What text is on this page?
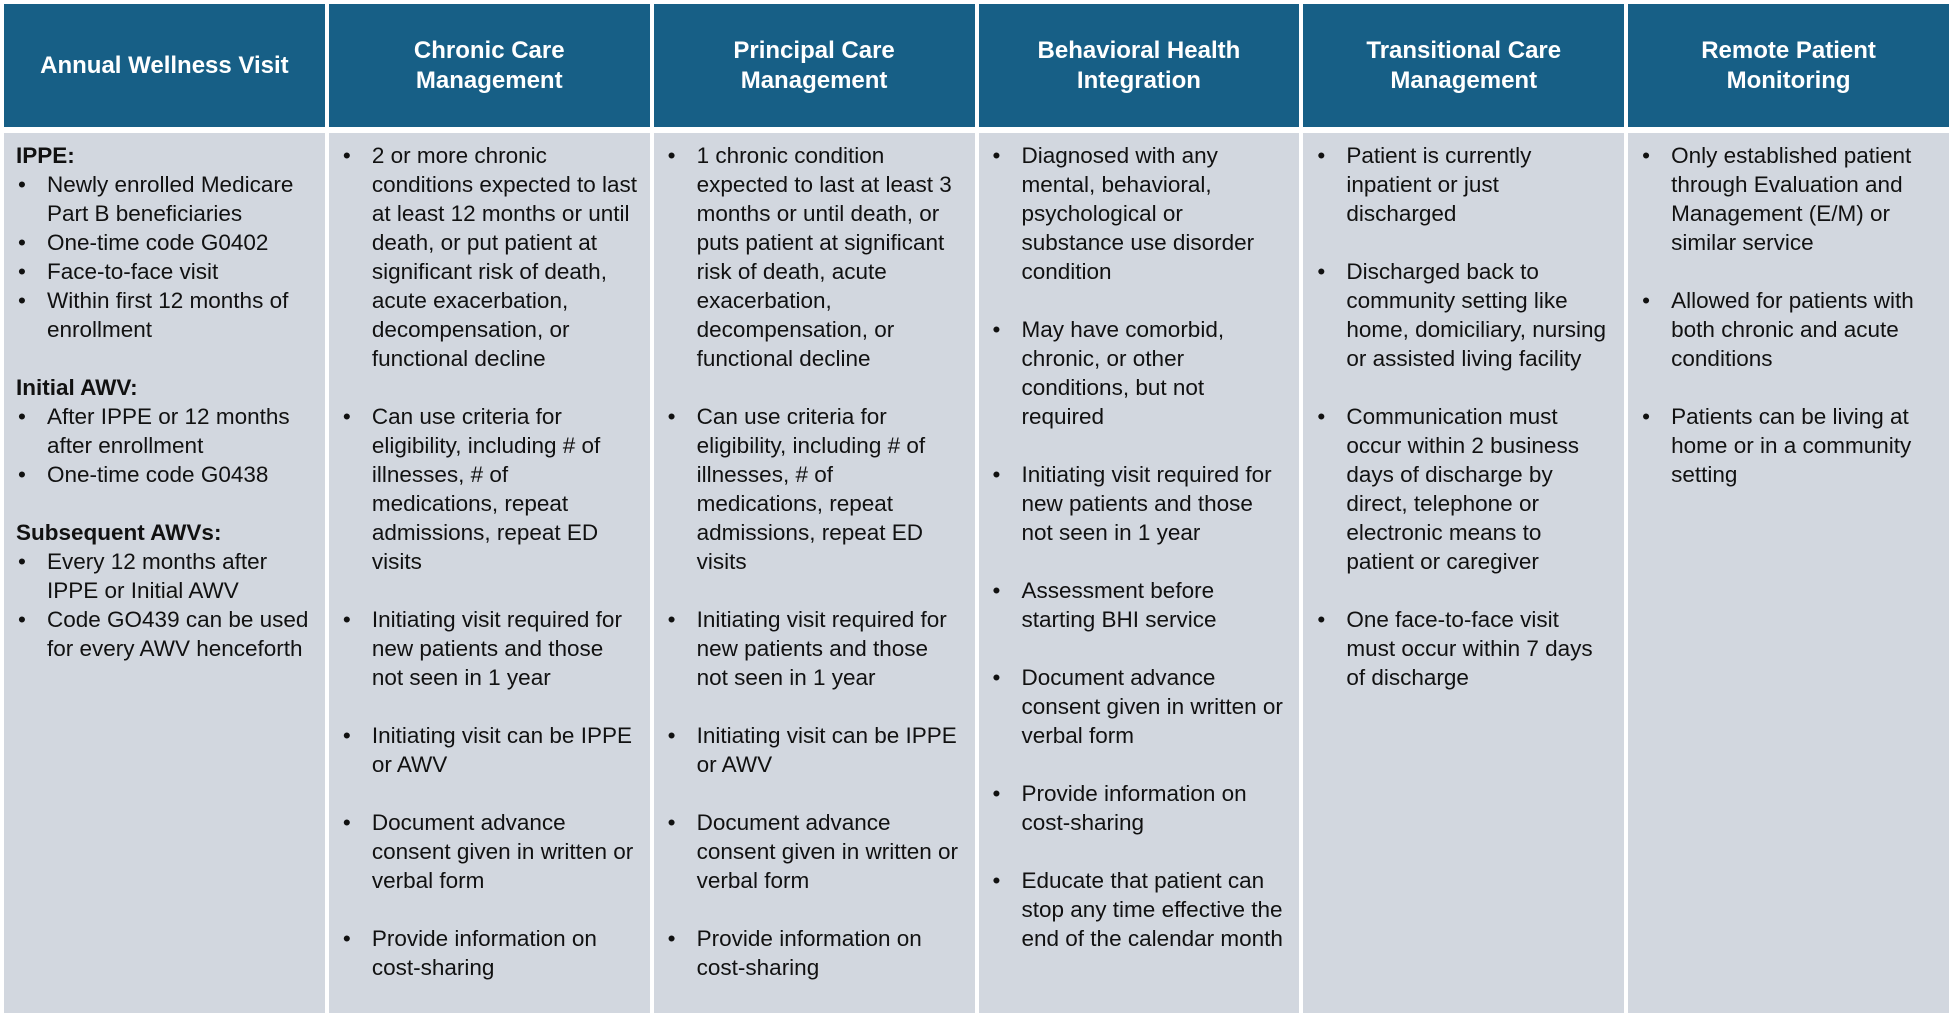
Annual Wellness Visit
Chronic Care Management
Principal Care Management
Behavioral Health Integration
Transitional Care Management
Remote Patient Monitoring
IPPE:
• Newly enrolled Medicare Part B beneficiaries
• One-time code G0402
• Face-to-face visit
• Within first 12 months of enrollment
Initial AWV:
• After IPPE or 12 months after enrollment
• One-time code G0438
Subsequent AWVs:
• Every 12 months after IPPE or Initial AWV
• Code GO439 can be used for every AWV henceforth
• 2 or more chronic conditions expected to last at least 12 months or until death, or put patient at significant risk of death, acute exacerbation, decompensation, or functional decline
• Can use criteria for eligibility, including # of illnesses, # of medications, repeat admissions, repeat ED visits
• Initiating visit required for new patients and those not seen in 1 year
• Initiating visit can be IPPE or AWV
• Document advance consent given in written or verbal form
• Provide information on cost-sharing
• 1 chronic condition expected to last at least 3 months or until death, or puts patient at significant risk of death, acute exacerbation, decompensation, or functional decline
• Can use criteria for eligibility, including # of illnesses, # of medications, repeat admissions, repeat ED visits
• Initiating visit required for new patients and those not seen in 1 year
• Initiating visit can be IPPE or AWV
• Document advance consent given in written or verbal form
• Provide information on cost-sharing
• Diagnosed with any mental, behavioral, psychological or substance use disorder condition
• May have comorbid, chronic, or other conditions, but not required
• Initiating visit required for new patients and those not seen in 1 year
• Assessment before starting BHI service
• Document advance consent given in written or verbal form
• Provide information on cost-sharing
• Educate that patient can stop any time effective the end of the calendar month
• Patient is currently inpatient or just discharged
• Discharged back to community setting like home, domiciliary, nursing or assisted living facility
• Communication must occur within 2 business days of discharge by direct, telephone or electronic means to patient or caregiver
• One face-to-face visit must occur within 7 days of discharge
• Only established patient through Evaluation and Management (E/M) or similar service
• Allowed for patients with both chronic and acute conditions
• Patients can be living at home or in a community setting
